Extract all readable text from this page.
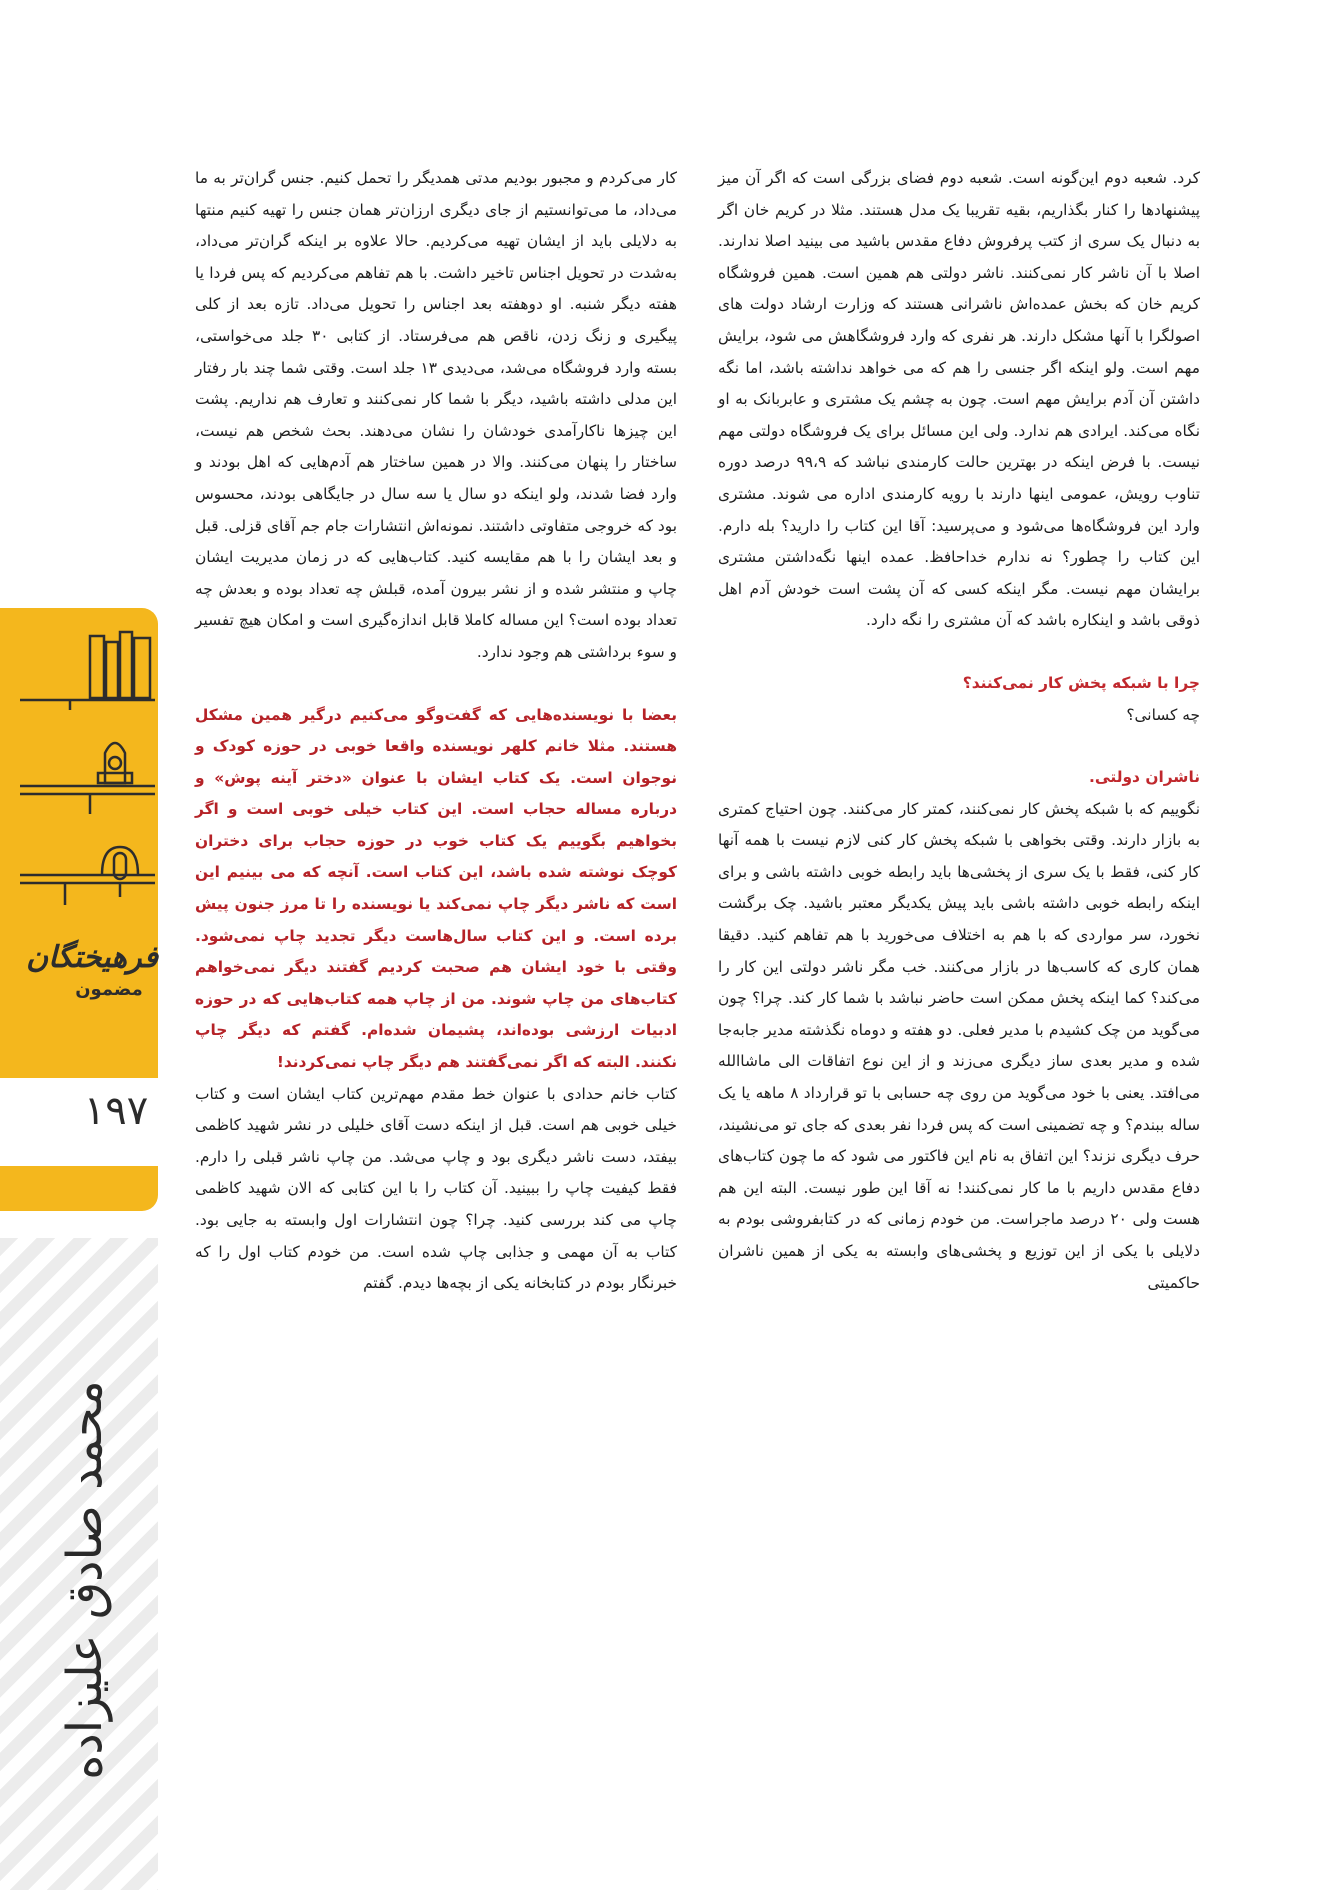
کرد. شعبه دوم این‌گونه است. شعبه دوم فضای بزرگی است که اگر آن میز پیشنهادها را کنار بگذاریم، بقیه تقریبا یک مدل هستند. مثلا در کریم خان اگر به دنبال یک سری از کتب پرفروش دفاع مقدس باشید می بینید اصلا ندارند. اصلا با آن ناشر کار نمی‌کنند. ناشر دولتی هم همین است. همین فروشگاه کریم خان که بخش عمده‌اش ناشرانی هستند که وزارت ارشاد دولت های اصولگرا با آنها مشکل دارند. هر نفری که وارد فروشگاهش می شود، برایش مهم است. ولو اینکه اگر جنسی را هم که می خواهد نداشته باشد، اما نگه داشتن آن آدم برایش مهم است. چون به چشم یک مشتری و عابربانک به او نگاه می‌کند. ایرادی هم ندارد. ولی این مسائل برای یک فروشگاه دولتی مهم نیست. با فرض اینکه در بهترین حالت کارمندی نباشد که ۹۹،۹ درصد دوره تناوب رویش، عمومی اینها دارند با رویه کارمندی اداره می شوند. مشتری وارد این فروشگاه‌ها می‌شود و می‌پرسید: آقا این کتاب را دارید؟ بله دارم. این کتاب را چطور؟ نه ندارم خداحافظ. عمده اینها نگه‌داشتن مشتری برایشان مهم نیست. مگر اینکه کسی که آن پشت است خودش آدم اهل ذوقی باشد و اینکاره باشد که آن مشتری را نگه دارد.

چرا با شبکه پخش کار نمی‌کنند؟

چه کسانی؟

ناشران دولتی.

نگوییم که با شبکه پخش کار نمی‌کنند، کمتر کار می‌کنند. چون احتیاج کمتری به بازار دارند. وقتی بخواهی با شبکه پخش کار کنی لازم نیست با همه آنها کار کنی، فقط با یک سری از پخشی‌ها باید رابطه خوبی داشته باشی و برای اینکه رابطه خوبی داشته باشی باید پیش یکدیگر معتبر باشید. چک برگشت نخورد، سر مواردی که با هم به اختلاف می‌خورید با هم تفاهم کنید. دقیقا همان کاری که کاسب‌ها در بازار می‌کنند. خب مگر ناشر دولتی این کار را می‌کند؟ کما اینکه پخش ممکن است حاضر نباشد با شما کار کند. چرا؟ چون می‌گوید من چک کشیدم با مدیر فعلی. دو هفته و دوماه نگذشته مدیر جابه‌جا شده و مدیر بعدی ساز دیگری می‌زند و از این نوع اتفاقات الی ماشاالله می‌افتد. یعنی با خود می‌گوید من روی چه حسابی با تو قرارداد ۸ ماهه یا یک ساله ببندم؟ و چه تضمینی است که پس فردا نفر بعدی که جای تو می‌نشیند، حرف دیگری نزند؟ این اتفاق به نام این فاکتور می شود که ما چون کتاب‌های دفاع مقدس داریم با ما کار نمی‌کنند! نه آقا این طور نیست. البته این هم هست ولی ۲۰ درصد ماجراست. من خودم زمانی که در کتابفروشی بودم به دلایلی با یکی از این توزیع و پخشی‌های وابسته به یکی از همین ناشران حاکمیتی

کار می‌کردم و مجبور بودیم مدتی همدیگر را تحمل کنیم. جنس گران‌تر به ما می‌داد، ما می‌توانستیم از جای دیگری ارزان‌تر همان جنس را تهیه کنیم منتها به دلایلی باید از ایشان تهیه می‌کردیم. حالا علاوه بر اینکه گران‌تر می‌داد، به‌شدت در تحویل اجناس تاخیر داشت. با هم تفاهم می‌کردیم که پس فردا یا هفته دیگر شنبه. او دوهفته بعد اجناس را تحویل می‌داد. تازه بعد از کلی پیگیری و زنگ زدن، ناقص هم می‌فرستاد. از کتابی ۳۰ جلد می‌خواستی، بسته وارد فروشگاه می‌شد، می‌دیدی ۱۳ جلد است. وقتی شما چند بار رفتار این مدلی داشته باشید، دیگر با شما کار نمی‌کنند و تعارف هم نداریم. پشت این چیزها ناکارآمدی خودشان را نشان می‌دهند. بحث شخص هم نیست، ساختار را پنهان می‌کنند. والا در همین ساختار هم آدم‌هایی که اهل بودند و وارد فضا شدند، ولو اینکه دو سال یا سه سال در جایگاهی بودند، محسوس بود که خروجی متفاوتی داشتند. نمونه‌اش انتشارات جام جم آقای قزلی. قبل و بعد ایشان را با هم مقایسه کنید. کتاب‌هایی که در زمان مدیریت ایشان چاپ و منتشر شده و از نشر بیرون آمده، قبلش چه تعداد بوده و بعدش چه تعداد بوده است؟ این مساله کاملا قابل اندازه‌گیری است و امکان هیچ تفسیر و سوء برداشتی هم وجود ندارد.

بعضا با نویسنده‌هایی که گفت‌وگو می‌کنیم درگیر همین مشکل هستند. مثلا خانم کلهر نویسنده واقعا خوبی در حوزه کودک و نوجوان است. یک کتاب ایشان با عنوان «دختر آینه پوش» و درباره مساله حجاب است. این کتاب خیلی خوبی است و اگر بخواهیم بگوییم یک کتاب خوب در حوزه حجاب برای دختران کوچک نوشته شده باشد، این کتاب است. آنچه که می بینیم این است که ناشر دیگر چاپ نمی‌کند یا نویسنده را تا مرز جنون پیش برده است. و این کتاب سال‌هاست دیگر تجدید چاپ نمی‌شود. وقتی با خود ایشان هم صحبت کردیم گفتند دیگر نمی‌خواهم کتاب‌های من چاپ شوند. من از چاپ همه کتاب‌هایی که در حوزه ادبیات ارزشی بوده‌اند، پشیمان شده‌ام. گفتم که دیگر چاپ نکنند. البته که اگر نمی‌گفتند هم دیگر چاپ نمی‌کردند!

کتاب خانم حدادی با عنوان خط مقدم مهم‌ترین کتاب ایشان است و کتاب خیلی خوبی هم است. قبل از اینکه دست آقای خلیلی در نشر شهید کاظمی بیفتد، دست ناشر دیگری بود و چاپ می‌شد. من چاپ ناشر قبلی را دارم. فقط کیفیت چاپ را ببینید. آن کتاب را با این کتابی که الان شهید کاظمی چاپ می کند بررسی کنید. چرا؟ چون انتشارات اول وابسته به جایی بود. کتاب به آن مهمی و جذابی چاپ شده است. من خودم کتاب اول را که خبرنگار بودم در کتابخانه یکی از بچه‌ها دیدم. گفتم

۱۹۷
فرهیختگان
مضمون
محمد صادق علیزاده
